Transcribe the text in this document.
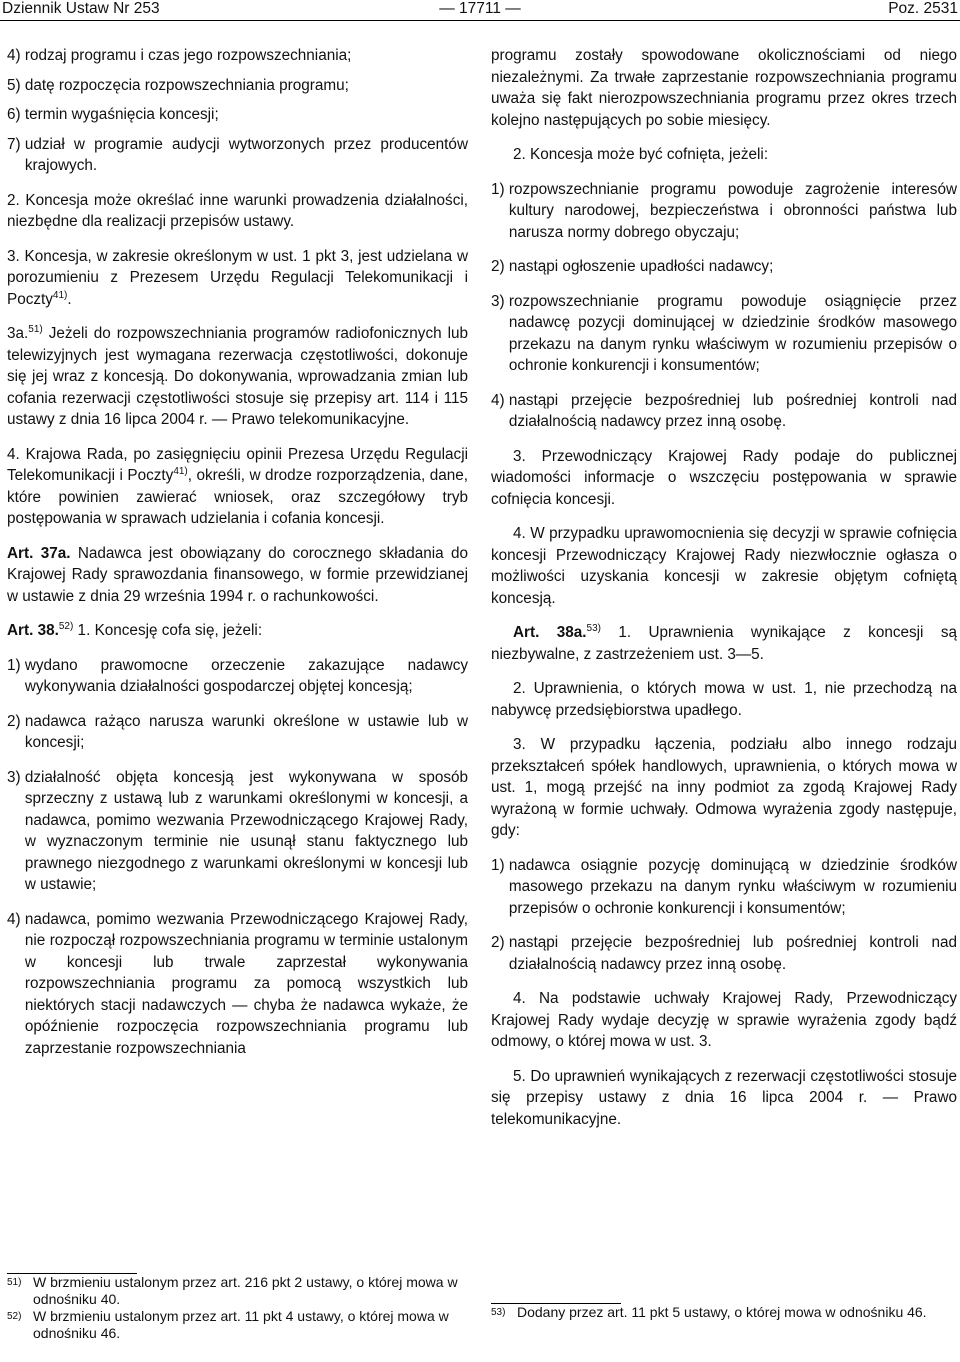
Dziennik Ustaw Nr 253	— 17711 —	Poz. 2531
4) rodzaj programu i czas jego rozpowszechniania;
5) datę rozpoczęcia rozpowszechniania programu;
6) termin wygaśnięcia koncesji;
7) udział w programie audycji wytworzonych przez producentów krajowych.

2. Koncesja może określać inne warunki prowadzenia działalności, niezbędne dla realizacji przepisów ustawy.

3. Koncesja, w zakresie określonym w ust. 1 pkt 3, jest udzielana w porozumieniu z Prezesem Urzędu Regulacji Telekomunikacji i Poczty$^{41)}$.

3a.$^{51)}$ Jeżeli do rozpowszechniania programów radiofonicznych lub telewizyjnych jest wymagana rezerwacja częstotliwości, dokonuje się jej wraz z koncesją. Do dokonywania, wprowadzania zmian lub cofania rezerwacji częstotliwości stosuje się przepisy art. 114 i 115 ustawy z dnia 16 lipca 2004 r. — Prawo telekomunikacyjne.

4. Krajowa Rada, po zasięgnięciu opinii Prezesa Urzędu Regulacji Telekomunikacji i Poczty$^{41)}$, określi, w drodze rozporządzenia, dane, które powinien zawierać wniosek, oraz szczegółowy tryb postępowania w sprawach udzielania i cofania koncesji.

Art. 37a. Nadawca jest obowiązany do corocznego składania do Krajowej Rady sprawozdania finansowego, w formie przewidzianej w ustawie z dnia 29 września 1994 r. o rachunkowości.

Art. 38.$^{52)}$ 1. Koncesję cofa się, jeżeli:

1) wydano prawomocne orzeczenie zakazujące nadawcy wykonywania działalności gospodarczej objętej koncesją;
2) nadawca rażąco narusza warunki określone w ustawie lub w koncesji;
3) działalność objęta koncesją jest wykonywana w sposób sprzeczny z ustawą lub z warunkami określonymi w koncesji, a nadawca, pomimo wezwania Przewodniczącego Krajowej Rady, w wyznaczonym terminie nie usunął stanu faktycznego lub prawnego niezgodnego z warunkami określonymi w koncesji lub w ustawie;
4) nadawca, pomimo wezwania Przewodniczącego Krajowej Rady, nie rozpoczął rozpowszechniania programu w terminie ustalonym w koncesji lub trwale zaprzestał wykonywania rozpowszechniania programu za pomocą wszystkich lub niektórych stacji nadawczych — chyba że nadawca wykaże, że opóźnienie rozpoczęcia rozpowszechniania programu lub zaprzestanie rozpowszechniania
51) W brzmieniu ustalonym przez art. 216 pkt 2 ustawy, o której mowa w odnośniku 40.
52) W brzmieniu ustalonym przez art. 11 pkt 4 ustawy, o której mowa w odnośniku 46.

programu zostały spowodowane okolicznościami od niego niezależnymi. Za trwałe zaprzestanie rozpowszechniania programu uważa się fakt nierozpowszechniania programu przez okres trzech kolejno następujących po sobie miesięcy.

2. Koncesja może być cofnięta, jeżeli:

1) rozpowszechnianie programu powoduje zagrożenie interesów kultury narodowej, bezpieczeństwa i obronności państwa lub narusza normy dobrego obyczaju;
2) nastąpi ogłoszenie upadłości nadawcy;
3) rozpowszechnianie programu powoduje osiągnięcie przez nadawcę pozycji dominującej w dziedzinie środków masowego przekazu na danym rynku właściwym w rozumieniu przepisów o ochronie konkurencji i konsumentów;
4) nastąpi przejęcie bezpośredniej lub pośredniej kontroli nad działalnością nadawcy przez inną osobę.

3. Przewodniczący Krajowej Rady podaje do publicznej wiadomości informacje o wszczęciu postępowania w sprawie cofnięcia koncesji.

4. W przypadku uprawomocnienia się decyzji w sprawie cofnięcia koncesji Przewodniczący Krajowej Rady niezwłocznie ogłasza o możliwości uzyskania koncesji w zakresie objętym cofniętą koncesją.

Art. 38a.$^{53)}$ 1. Uprawnienia wynikające z koncesji są niezbywalne, z zastrzeżeniem ust. 3—5.

2. Uprawnienia, o których mowa w ust. 1, nie przechodzą na nabywcę przedsiębiorstwa upadłego.

3. W przypadku łączenia, podziału albo innego rodzaju przekształceń spółek handlowych, uprawnienia, o których mowa w ust. 1, mogą przejść na inny podmiot za zgodą Krajowej Rady wyrażoną w formie uchwały. Odmowa wyrażenia zgody następuje, gdy:

1) nadawca osiągnie pozycję dominującą w dziedzinie środków masowego przekazu na danym rynku właściwym w rozumieniu przepisów o ochronie konkurencji i konsumentów;
2) nastąpi przejęcie bezpośredniej lub pośredniej kontroli nad działalnością nadawcy przez inną osobę.

4. Na podstawie uchwały Krajowej Rady, Przewodniczący Krajowej Rady wydaje decyzję w sprawie wyrażenia zgody bądź odmowy, o której mowa w ust. 3.

5. Do uprawnień wynikających z rezerwacji częstotliwości stosuje się przepisy ustawy z dnia 16 lipca 2004 r. — Prawo telekomunikacyjne.

53) Dodany przez art. 11 pkt 5 ustawy, o której mowa w odnośniku 46.
